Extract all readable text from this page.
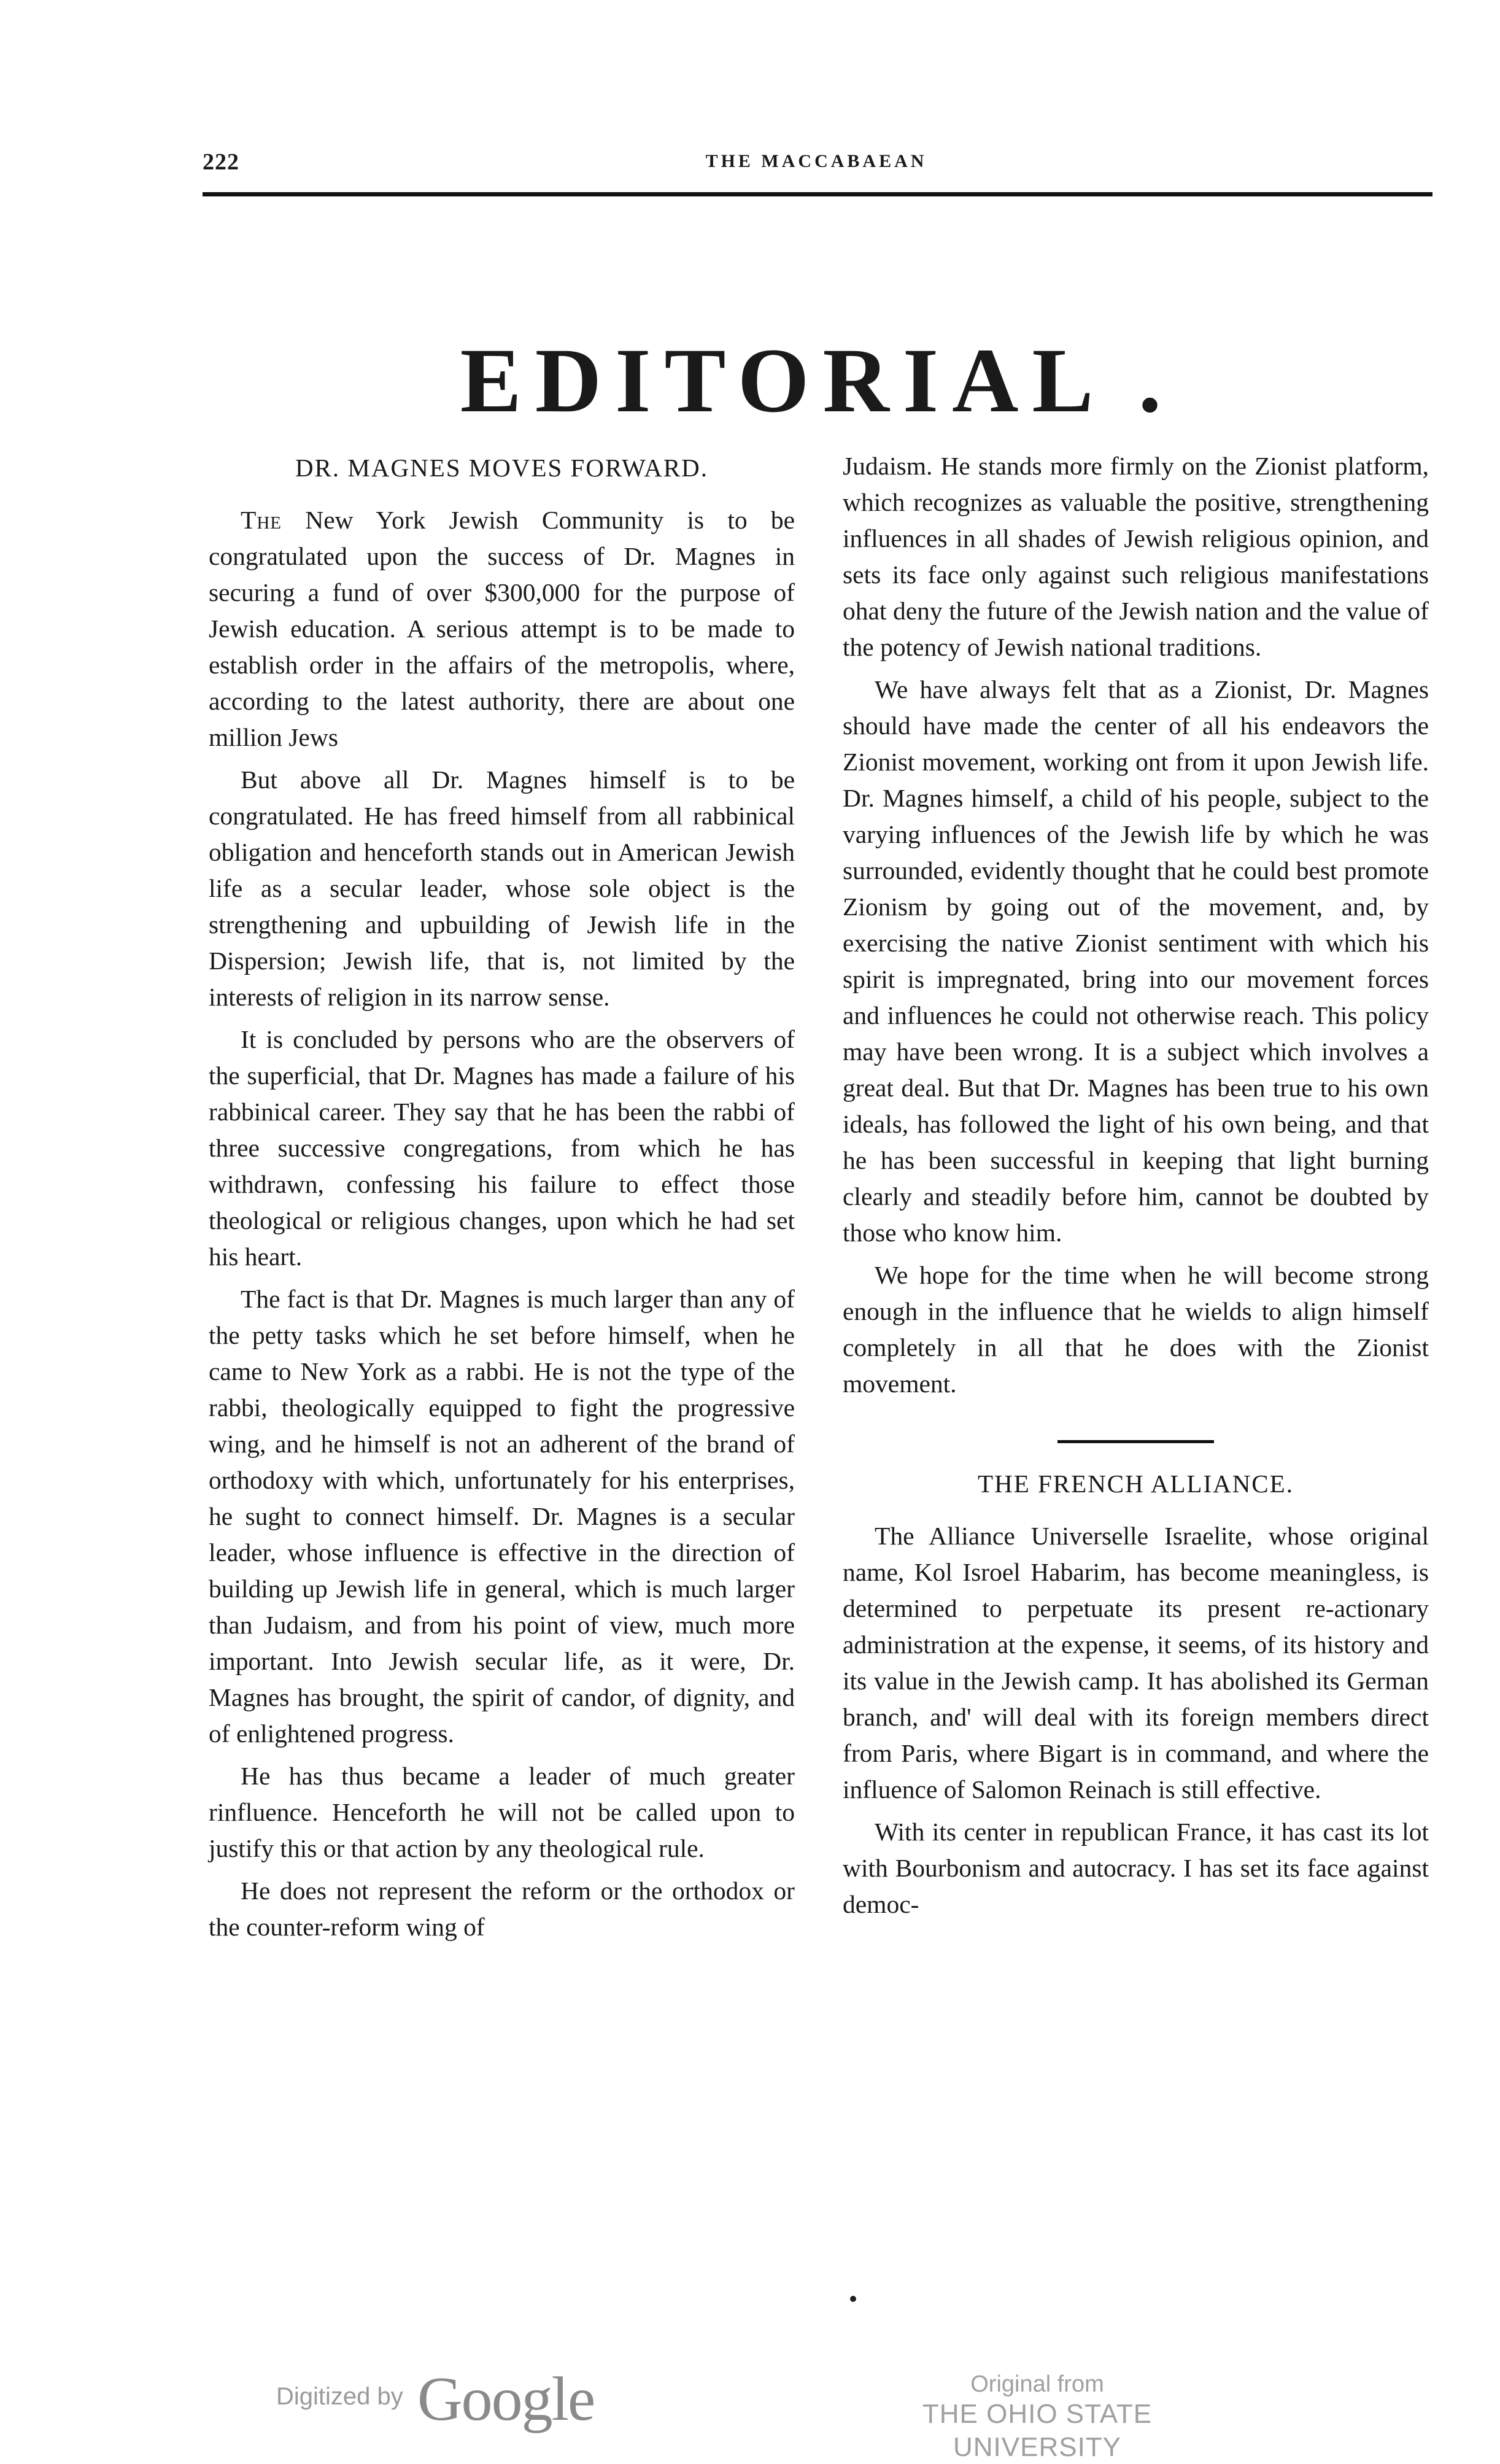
222	THE MACCABAEAN
EDITORIAL .
DR. MAGNES MOVES FORWARD.

The New York Jewish Community is to be congratulated upon the success of Dr. Magnes in securing a fund of over $300,000 for the purpose of Jewish education. A serious attempt is to be made to establish order in the affairs of the metropolis, where, according to the latest authority, there are about one million Jews

But above all Dr. Magnes himself is to be congratulated. He has freed himself from all rabbinical obligation and henceforth stands out in American Jewish life as a secular leader, whose sole object is the strengthening and upbuilding of Jewish life in the Dispersion; Jewish life, that is, not limited by the interests of religion in its narrow sense.

It is concluded by persons who are the observers of the superficial, that Dr. Magnes has made a failure of his rabbinical career. They say that he has been the rabbi of three successive congregations, from which he has withdrawn, confessing his failure to effect those theological or religious changes, upon which he had set his heart.

The fact is that Dr. Magnes is much larger than any of the petty tasks which he set before himself, when he came to New York as a rabbi. He is not the type of the rabbi, theologically equipped to fight the progressive wing, and he himself is not an adherent of the brand of orthodoxy with which, unfortunately for his enterprises, he sught to connect himself. Dr. Magnes is a secular leader, whose influence is effective in the direction of building up Jewish life in general, which is much larger than Judaism, and from his point of view, much more important. Into Jewish secular life, as it were, Dr. Magnes has brought, the spirit of candor, of dignity, and of enlightened progress.

He has thus became a leader of much greater rinfluence. Henceforth he will not be called upon to justify this or that action by any theological rule.

He does not represent the reform or the orthodox or the counter-reform wing of

Judaism. He stands more firmly on the Zionist platform, which recognizes as valuable the positive, strengthening influences in all shades of Jewish religious opinion, and sets its face only against such religious manifestations ohat deny the future of the Jewish nation and the value of the potency of Jewish national traditions.

We have always felt that as a Zionist, Dr. Magnes should have made the center of all his endeavors the Zionist movement, working ont from it upon Jewish life. Dr. Magnes himself, a child of his people, subject to the varying influences of the Jewish life by which he was surrounded, evidently thought that he could best promote Zionism by going out of the movement, and, by exercising the native Zionist sentiment with which his spirit is impregnated, bring into our movement forces and influences he could not otherwise reach. This policy may have been wrong. It is a subject which involves a great deal. But that Dr. Magnes has been true to his own ideals, has followed the light of his own being, and that he has been successful in keeping that light burning clearly and steadily before him, cannot be doubted by those who know him.

We hope for the time when he will become strong enough in the influence that he wields to align himself completely in all that he does with the Zionist movement.

THE FRENCH ALLIANCE.

The Alliance Universelle Israelite, whose original name, Kol Isroel Habarim, has become meaningless, is determined to perpetuate its present re-actionary administration at the expense, it seems, of its history and its value in the Jewish camp. It has abolished its German branch, and' will deal with its foreign members direct from Paris, where Bigart is in command, and where the influence of Salomon Reinach is still effective.

With its center in republican France, it has cast its lot with Bourbonism and autocracy. I has set its face against democ-

Digitized by Google	Original from
THE OHIO STATE UNIVERSITY
